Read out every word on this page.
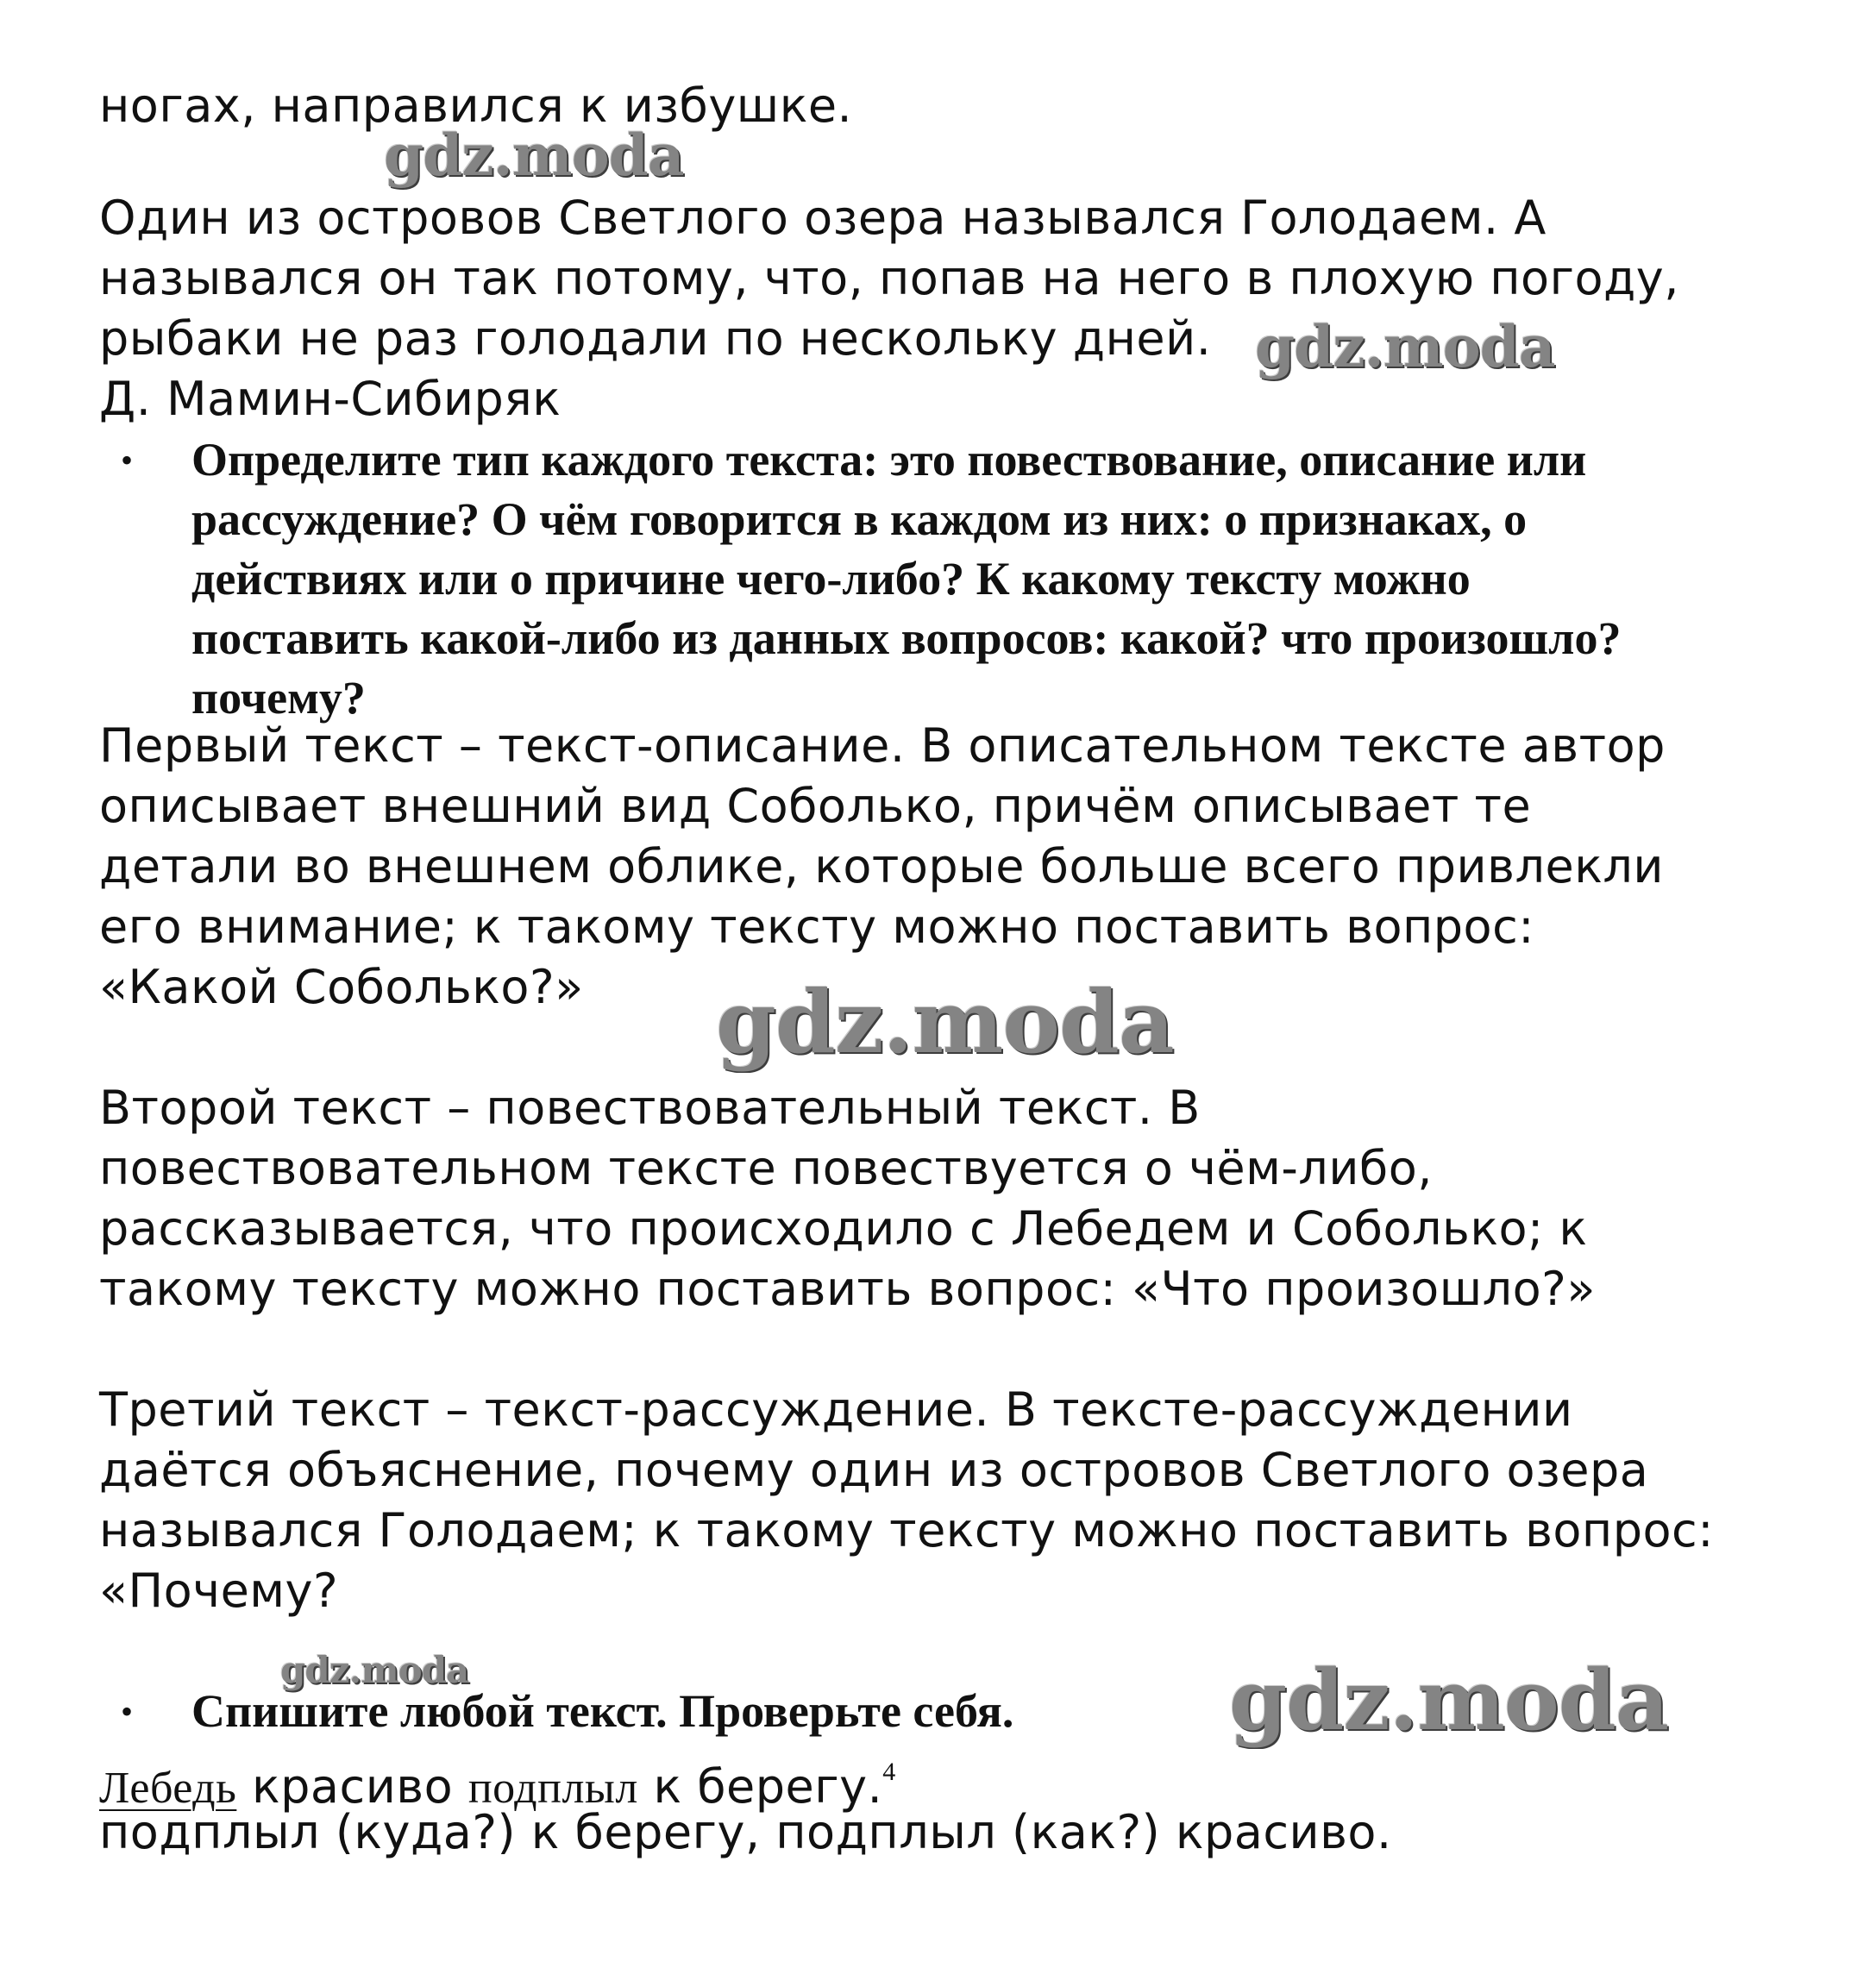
ногах, направился к избушке.

Один из островов Светлого озера назывался Голодаем. А

назывался он так потому, что, попав на него в плохую погоду,

рыбаки не раз голодали по нескольку дней.

Д. Мамин-Сибиряк

•	Определите тип каждого текста: это повествование, описание или
рассуждение? О чём говорится в каждом из них: о признаках, о
действиях или о причине чего-либо? К какому тексту можно
поставить какой-либо из данных вопросов: какой? что произошло?
почему?

Первый текст – текст-описание. В описательном тексте автор

описывает внешний вид Соболько, причём описывает те

детали во внешнем облике, которые больше всего привлекли

его внимание; к такому тексту можно поставить вопрос:

«Какой Соболько?»

Второй текст – повествовательный текст. В

повествовательном тексте повествуется о чём-либо,

рассказывается, что происходило с Лебедем и Соболько; к

такому тексту можно поставить вопрос: «Что произошло?»

Третий текст – текст-рассуждение. В тексте-рассуждении

даётся объяснение, почему один из островов Светлого озера

назывался Голодаем; к такому тексту можно поставить вопрос:

«Почему?

•	Спишите любой текст. Проверьте себя.

Лебедь красиво подплыл к берегу.$^4$

подплыл (куда?) к берегу, подплыл (как?) красиво.

gdz.moda

gdz.moda

gdz.moda

gdz.moda	gdz.moda
